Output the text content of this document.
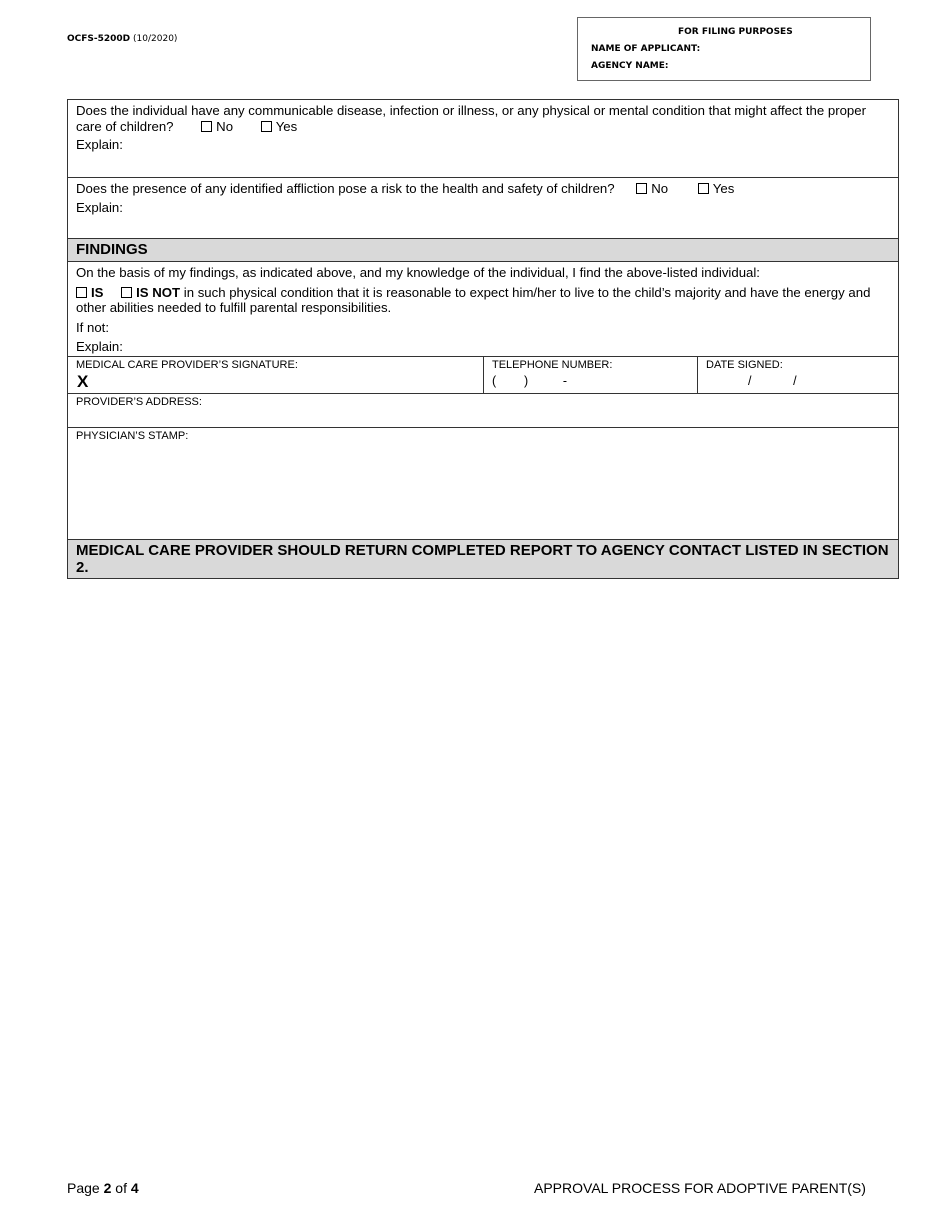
OCFS-5200D (10/2020)
FOR FILING PURPOSES
NAME OF APPLICANT:
AGENCY NAME:
Does the individual have any communicable disease, infection or illness, or any physical or mental condition that might affect the proper care of children?	No	Yes
Explain:
Does the presence of any identified affliction pose a risk to the health and safety of children?	No	Yes
Explain:
FINDINGS
On the basis of my findings, as indicated above, and my knowledge of the individual, I find the above-listed individual:
IS IS NOT in such physical condition that it is reasonable to expect him/her to live to the child’s majority and have the energy and other abilities needed to fulfill parental responsibilities.
If not:
Explain:
MEDICAL CARE PROVIDER’S SIGNATURE:
X
TELEPHONE NUMBER:
(        )          -
DATE SIGNED:
/            /
PROVIDER’S ADDRESS:
PHYSICIAN’S STAMP:
MEDICAL CARE PROVIDER SHOULD RETURN COMPLETED REPORT TO AGENCY CONTACT LISTED IN SECTION 2.
Page 2 of 4	APPROVAL PROCESS FOR ADOPTIVE PARENT(S)
